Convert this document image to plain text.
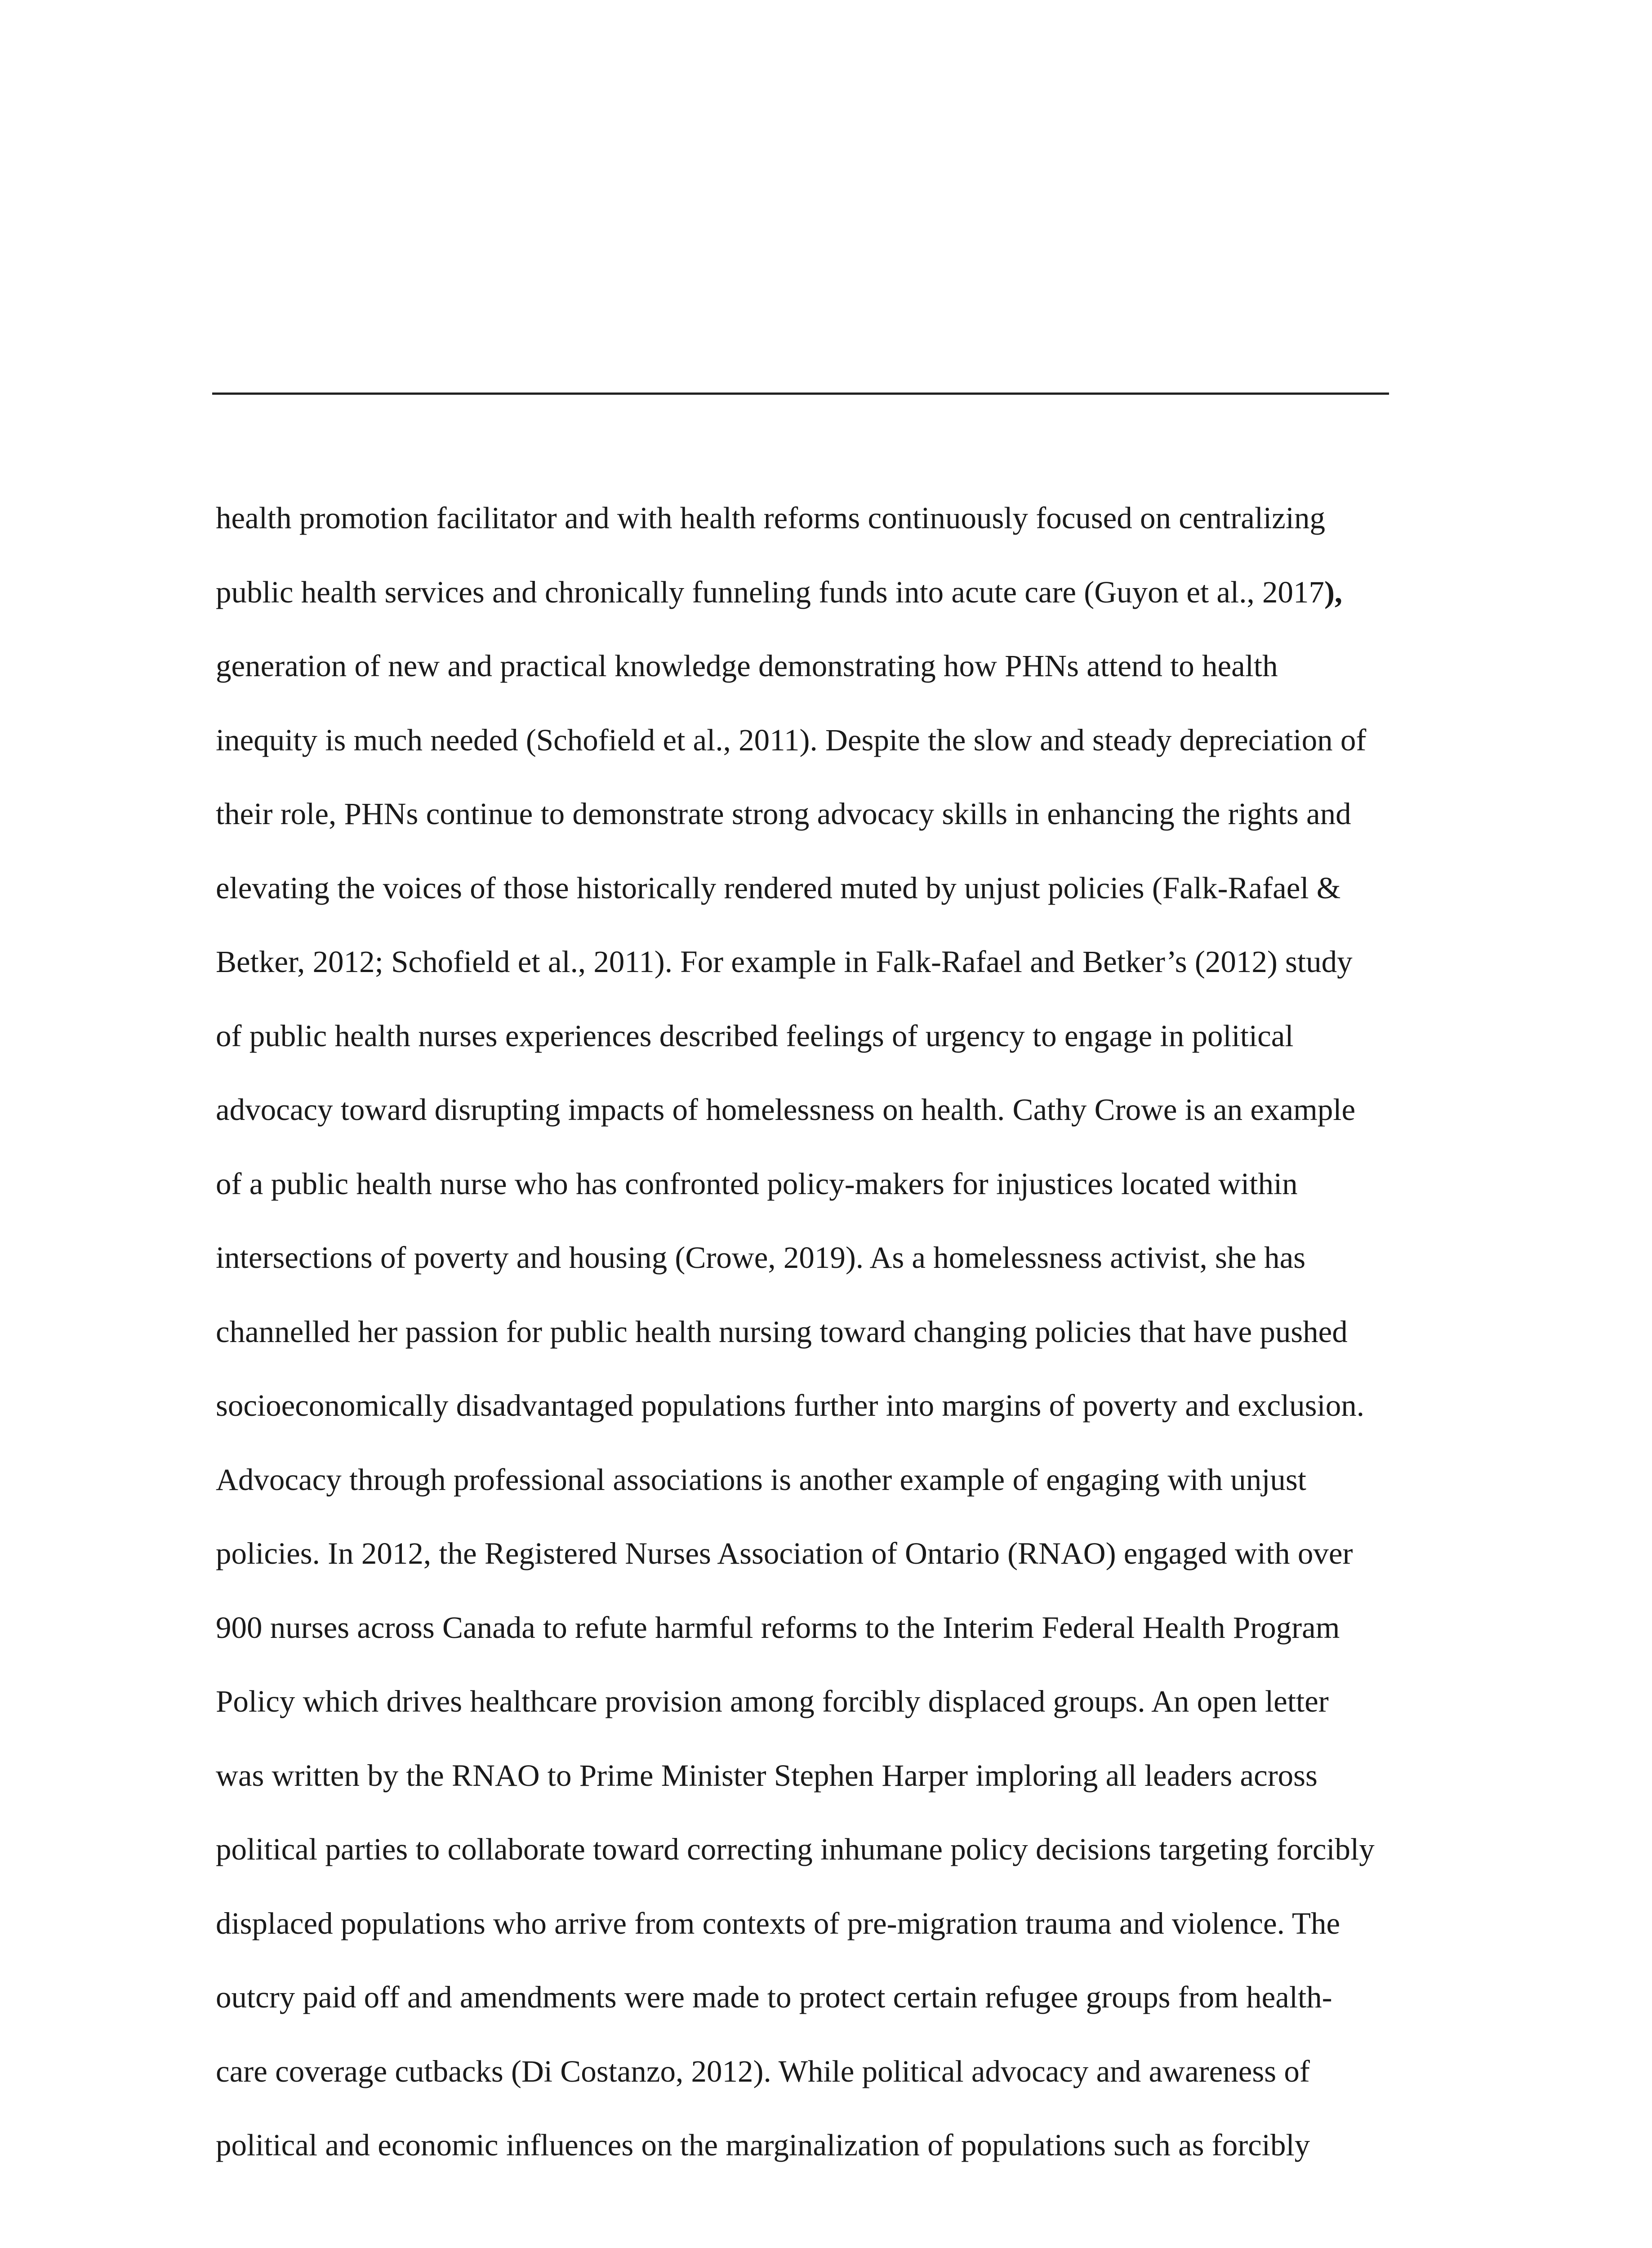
health promotion facilitator and with health reforms continuously focused on centralizing
public health services and chronically funneling funds into acute care (Guyon et al., 2017),
generation of new and practical knowledge demonstrating how PHNs attend to health
inequity is much needed (Schofield et al., 2011). Despite the slow and steady depreciation of
their role, PHNs continue to demonstrate strong advocacy skills in enhancing the rights and
elevating the voices of those historically rendered muted by unjust policies (Falk-Rafael &
Betker, 2012; Schofield et al., 2011). For example in Falk-Rafael and Betker’s (2012) study
of public health nurses experiences described feelings of urgency to engage in political
advocacy toward disrupting impacts of homelessness on health. Cathy Crowe is an example
of a public health nurse who has confronted policy-makers for injustices located within
intersections of poverty and housing (Crowe, 2019). As a homelessness activist, she has
channelled her passion for public health nursing toward changing policies that have pushed
socioeconomically disadvantaged populations further into margins of poverty and exclusion.
Advocacy through professional associations is another example of engaging with unjust
policies. In 2012, the Registered Nurses Association of Ontario (RNAO) engaged with over
900 nurses across Canada to refute harmful reforms to the Interim Federal Health Program
Policy which drives healthcare provision among forcibly displaced groups. An open letter
was written by the RNAO to Prime Minister Stephen Harper imploring all leaders across
political parties to collaborate toward correcting inhumane policy decisions targeting forcibly
displaced populations who arrive from contexts of pre-migration trauma and violence. The
outcry paid off and amendments were made to protect certain refugee groups from health-
care coverage cutbacks (Di Costanzo, 2012). While political advocacy and awareness of
political and economic influences on the marginalization of populations such as forcibly
